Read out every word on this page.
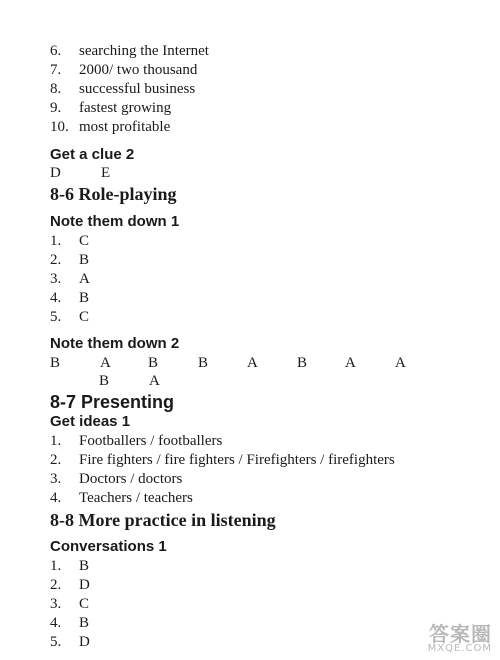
6. searching the Internet
7. 2000/ two thousand
8. successful business
9. fastest growing
10. most profitable
Get a clue 2
D	E
8-6 Role-playing
Note them down 1
1. C
2. B
3. A
4. B
5. C
Note them down 2
B	A B	B	A	B	A	A
B	A
8-7 Presenting
Get ideas 1
1. Footballers / footballers
2. Fire fighters / fire fighters / Firefighters / firefighters
3. Doctors / doctors
4. Teachers / teachers
8-8 More practice in listening
Conversations 1
1. B
2. D
3. C
4. B
5. D	答案圈
MXQE.COM
